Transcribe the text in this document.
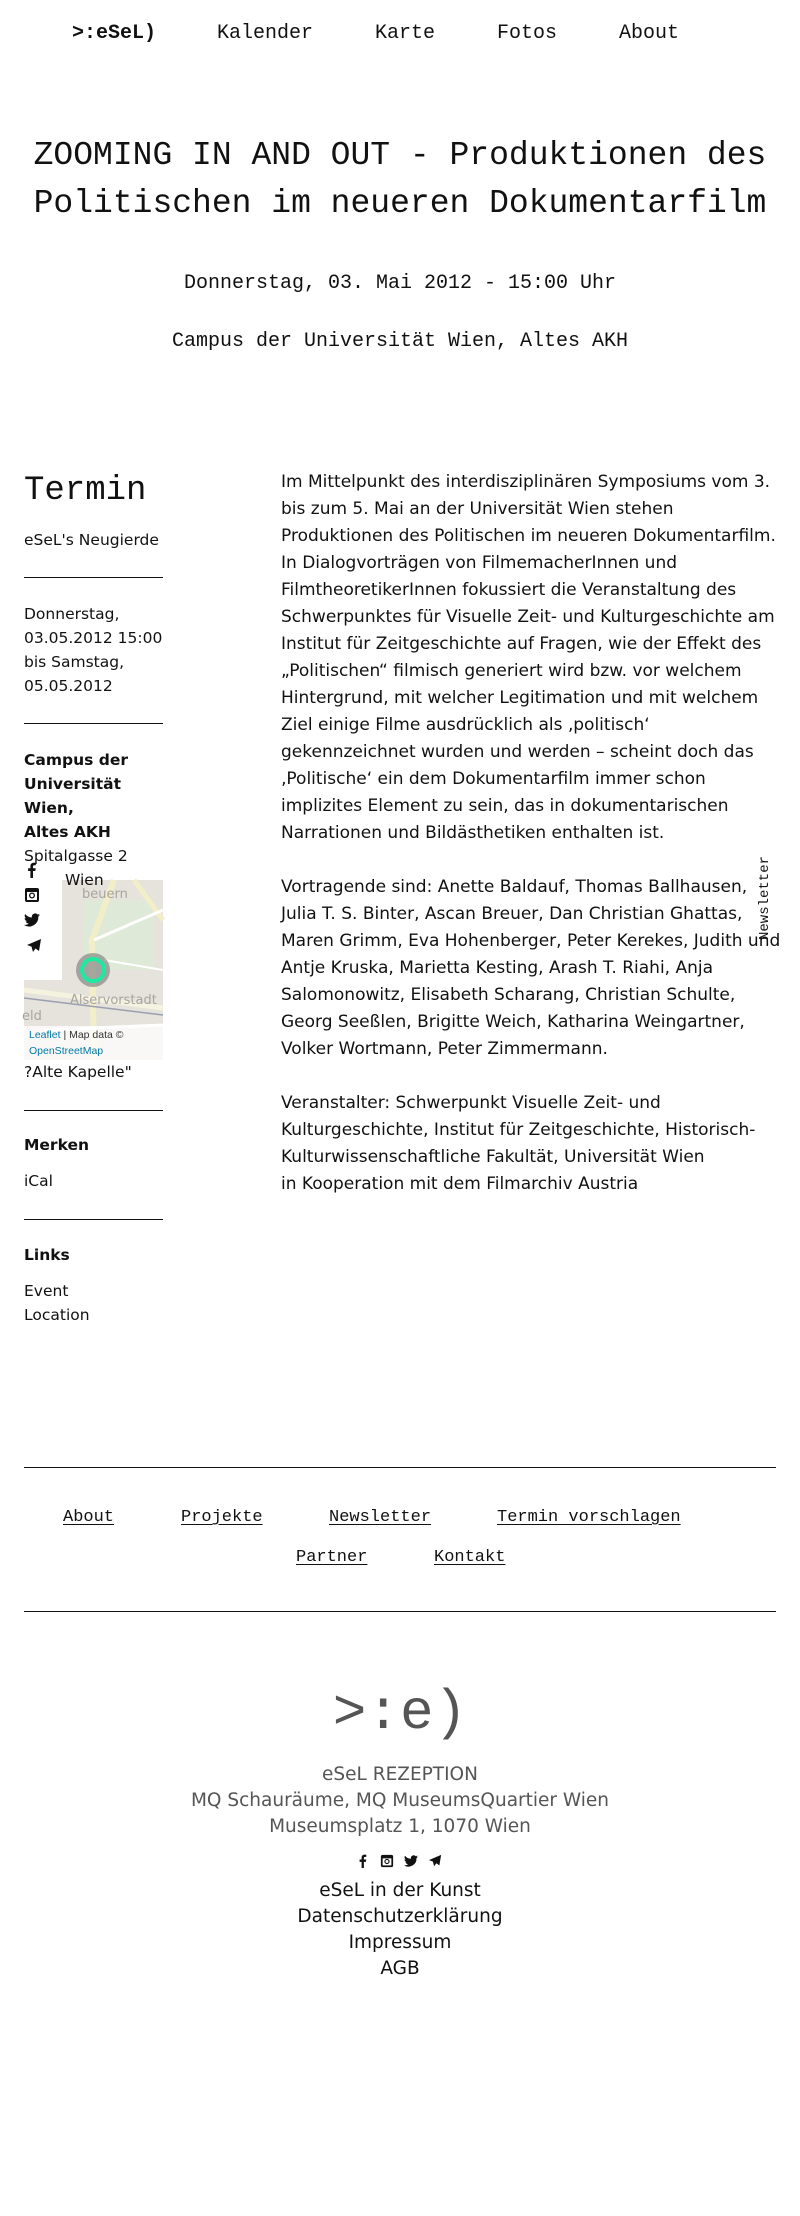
>:eSeL)	Kalender	Karte	Fotos	About
ZOOMING IN AND OUT - Produktionen des
Politischen im neueren Dokumentarfilm
Donnerstag, 03. Mai 2012 - 15:00 Uhr
Campus der Universität Wien, Altes AKH
Termin
eSeL's Neugierde
Donnerstag,
03.05.2012 15:00
bis Samstag,
05.05.2012
Campus der
Universität Wien,
Altes AKH
Spitalgasse 2
Wien
beuern
Alservorstadt
eld
Leaflet | Map data ©
OpenStreetMap
?Alte Kapelle"
Merken
iCal
Links
Event
Location

Im Mittelpunkt des interdisziplinären Symposiums vom 3. bis zum 5. Mai an der Universität Wien stehen Produktionen des Politischen im neueren Dokumentarfilm. In Dialogvorträgen von FilmemacherInnen und FilmtheoretikerInnen fokussiert die Veranstaltung des Schwerpunktes für Visuelle Zeit- und Kulturgeschichte am Institut für Zeitgeschichte auf Fragen, wie der Effekt des „Politischen“ filmisch generiert wird bzw. vor welchem Hintergrund, mit welcher Legitimation und mit welchem Ziel einige Filme ausdrücklich als ‚politisch‘ gekennzeichnet wurden und werden – scheint doch das ‚Politische‘ ein dem Dokumentarfilm immer schon implizites Element zu sein, das in dokumentarischen Narrationen und Bildästhetiken enthalten ist.

Vortragende sind: Anette Baldauf, Thomas Ballhausen, Julia T. S. Binter, Ascan Breuer, Dan Christian Ghattas, Maren Grimm, Eva Hohenberger, Peter Kerekes, Judith und Antje Kruska, Marietta Kesting, Arash T. Riahi, Anja Salomonowitz, Elisabeth Scharang, Christian Schulte, Georg Seeßlen, Brigitte Weich, Katharina Weingartner, Volker Wortmann, Peter Zimmermann.

Veranstalter: Schwerpunkt Visuelle Zeit- und Kulturgeschichte, Institut für Zeitgeschichte, Historisch-Kulturwissenschaftliche Fakultät, Universität Wien
in Kooperation mit dem Filmarchiv Austria

Newsletter
About	Projekte	Newsletter	Termin vorschlagen
Partner	Kontakt
>:e)
eSeL REZEPTION
MQ Schauräume, MQ MuseumsQuartier Wien
Museumsplatz 1, 1070 Wien
eSeL in der Kunst
Datenschutzerklärung
Impressum
AGB
